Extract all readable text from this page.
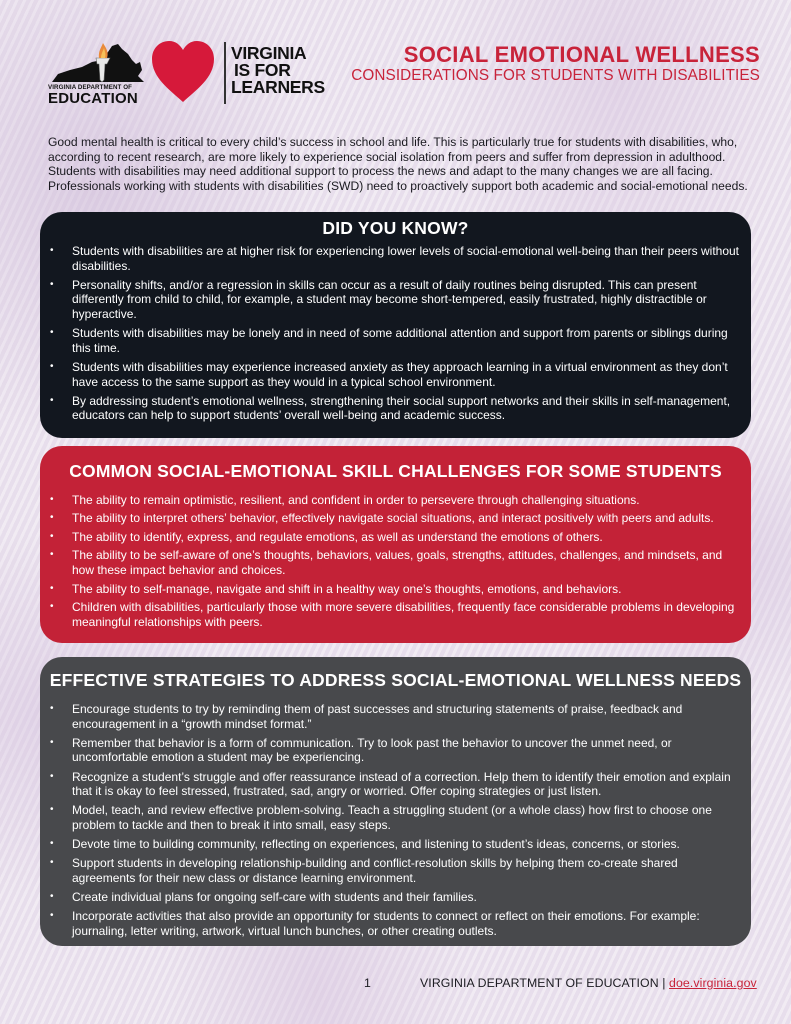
VIRGINIA DEPARTMENT OF
EDUCATION
VIRGINIA
IS FOR
LEARNERS
SOCIAL EMOTIONAL WELLNESS
CONSIDERATIONS FOR STUDENTS WITH DISABILITIES

Good mental health is critical to every child’s success in school and life. This is particularly true for students with disabilities, who, according to recent research, are more likely to experience social isolation from peers and suffer from depression in adulthood. Students with disabilities may need additional support to process the news and adapt to the many changes we are all facing. Professionals working with students with disabilities (SWD) need to proactively support both academic and social-emotional needs.

DID YOU KNOW?
• Students with disabilities are at higher risk for experiencing lower levels of social-emotional well-being than their peers without disabilities.
• Personality shifts, and/or a regression in skills can occur as a result of daily routines being disrupted. This can present differently from child to child, for example, a student may become short-tempered, easily frustrated, highly distractible or hyperactive.
• Students with disabilities may be lonely and in need of some additional attention and support from parents or siblings during this time.
• Students with disabilities may experience increased anxiety as they approach learning in a virtual environment as they don’t have access to the same support as they would in a typical school environment.
• By addressing student’s emotional wellness, strengthening their social support networks and their skills in self-management, educators can help to support students’ overall well-being and academic success.
COMMON SOCIAL-EMOTIONAL SKILL CHALLENGES FOR SOME STUDENTS
• The ability to remain optimistic, resilient, and confident in order to persevere through challenging situations.
• The ability to interpret others’ behavior, effectively navigate social situations, and interact positively with peers and adults.
• The ability to identify, express, and regulate emotions, as well as understand the emotions of others.
• The ability to be self-aware of one’s thoughts, behaviors, values, goals, strengths, attitudes, challenges, and mindsets, and how these impact behavior and choices.
• The ability to self-manage, navigate and shift in a healthy way one’s thoughts, emotions, and behaviors.
• Children with disabilities, particularly those with more severe disabilities, frequently face considerable problems in developing meaningful relationships with peers.
EFFECTIVE STRATEGIES TO ADDRESS SOCIAL-EMOTIONAL WELLNESS NEEDS
• Encourage students to try by reminding them of past successes and structuring statements of praise, feedback and encouragement in a “growth mindset format.”
• Remember that behavior is a form of communication. Try to look past the behavior to uncover the unmet need, or uncomfortable emotion a student may be experiencing.
• Recognize a student’s struggle and offer reassurance instead of a correction. Help them to identify their emotion and explain that it is okay to feel stressed, frustrated, sad, angry or worried. Offer coping strategies or just listen.
• Model, teach, and review effective problem-solving. Teach a struggling student (or a whole class) how first to choose one problem to tackle and then to break it into small, easy steps.
• Devote time to building community, reflecting on experiences, and listening to student’s ideas, concerns, or stories.
• Support students in developing relationship-building and conflict-resolution skills by helping them co-create shared agreements for their new class or distance learning environment.
• Create individual plans for ongoing self-care with students and their families.
• Incorporate activities that also provide an opportunity for students to connect or reflect on their emotions. For example: journaling, letter writing, artwork, virtual lunch bunches, or other creating outlets.
1	VIRGINIA DEPARTMENT OF EDUCATION | doe.virginia.gov
